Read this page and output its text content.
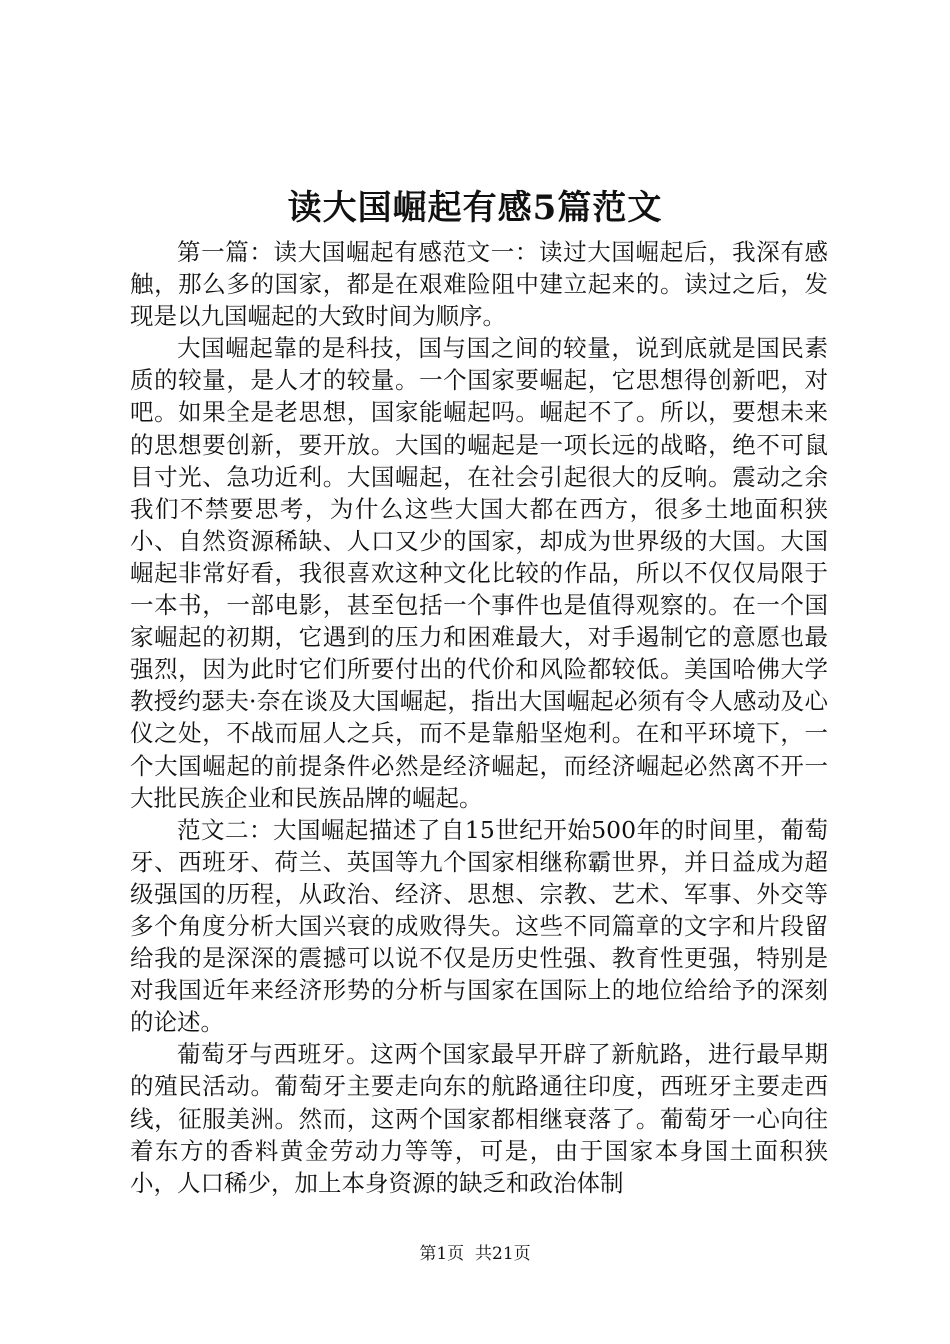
读大国崛起有感5篇范文

第一篇：读大国崛起有感范文一：读过大国崛起后，我深有感触，那么多的国家，都是在艰难险阻中建立起来的。读过之后，发现是以九国崛起的大致时间为顺序。

大国崛起靠的是科技，国与国之间的较量，说到底就是国民素质的较量，是人才的较量。一个国家要崛起，它思想得创新吧，对吧。如果全是老思想，国家能崛起吗。崛起不了。所以，要想未来的思想要创新，要开放。大国的崛起是一项长远的战略，绝不可鼠目寸光、急功近利。大国崛起，在社会引起很大的反响。震动之余我们不禁要思考，为什么这些大国大都在西方，很多土地面积狭小、自然资源稀缺、人口又少的国家，却成为世界级的大国。大国崛起非常好看，我很喜欢这种文化比较的作品，所以不仅仅局限于一本书，一部电影，甚至包括一个事件也是值得观察的。在一个国家崛起的初期，它遇到的压力和困难最大，对手遏制它的意愿也最强烈，因为此时它们所要付出的代价和风险都较低。美国哈佛大学教授约瑟夫·奈在谈及大国崛起，指出大国崛起必须有令人感动及心仪之处，不战而屈人之兵，而不是靠船坚炮利。在和平环境下，一个大国崛起的前提条件必然是经济崛起，而经济崛起必然离不开一大批民族企业和民族品牌的崛起。

范文二：大国崛起描述了自15世纪开始500年的时间里，葡萄牙、西班牙、荷兰、英国等九个国家相继称霸世界，并日益成为超级强国的历程，从政治、经济、思想、宗教、艺术、军事、外交等多个角度分析大国兴衰的成败得失。这些不同篇章的文字和片段留给我的是深深的震撼可以说不仅是历史性强、教育性更强，特别是对我国近年来经济形势的分析与国家在国际上的地位给给予的深刻的论述。

葡萄牙与西班牙。这两个国家最早开辟了新航路，进行最早期的殖民活动。葡萄牙主要走向东的航路通往印度，西班牙主要走西线，征服美洲。然而，这两个国家都相继衰落了。葡萄牙一心向往着东方的香料黄金劳动力等等，可是，由于国家本身国土面积狭小，人口稀少，加上本身资源的缺乏和政治体制

第1页 共21页
